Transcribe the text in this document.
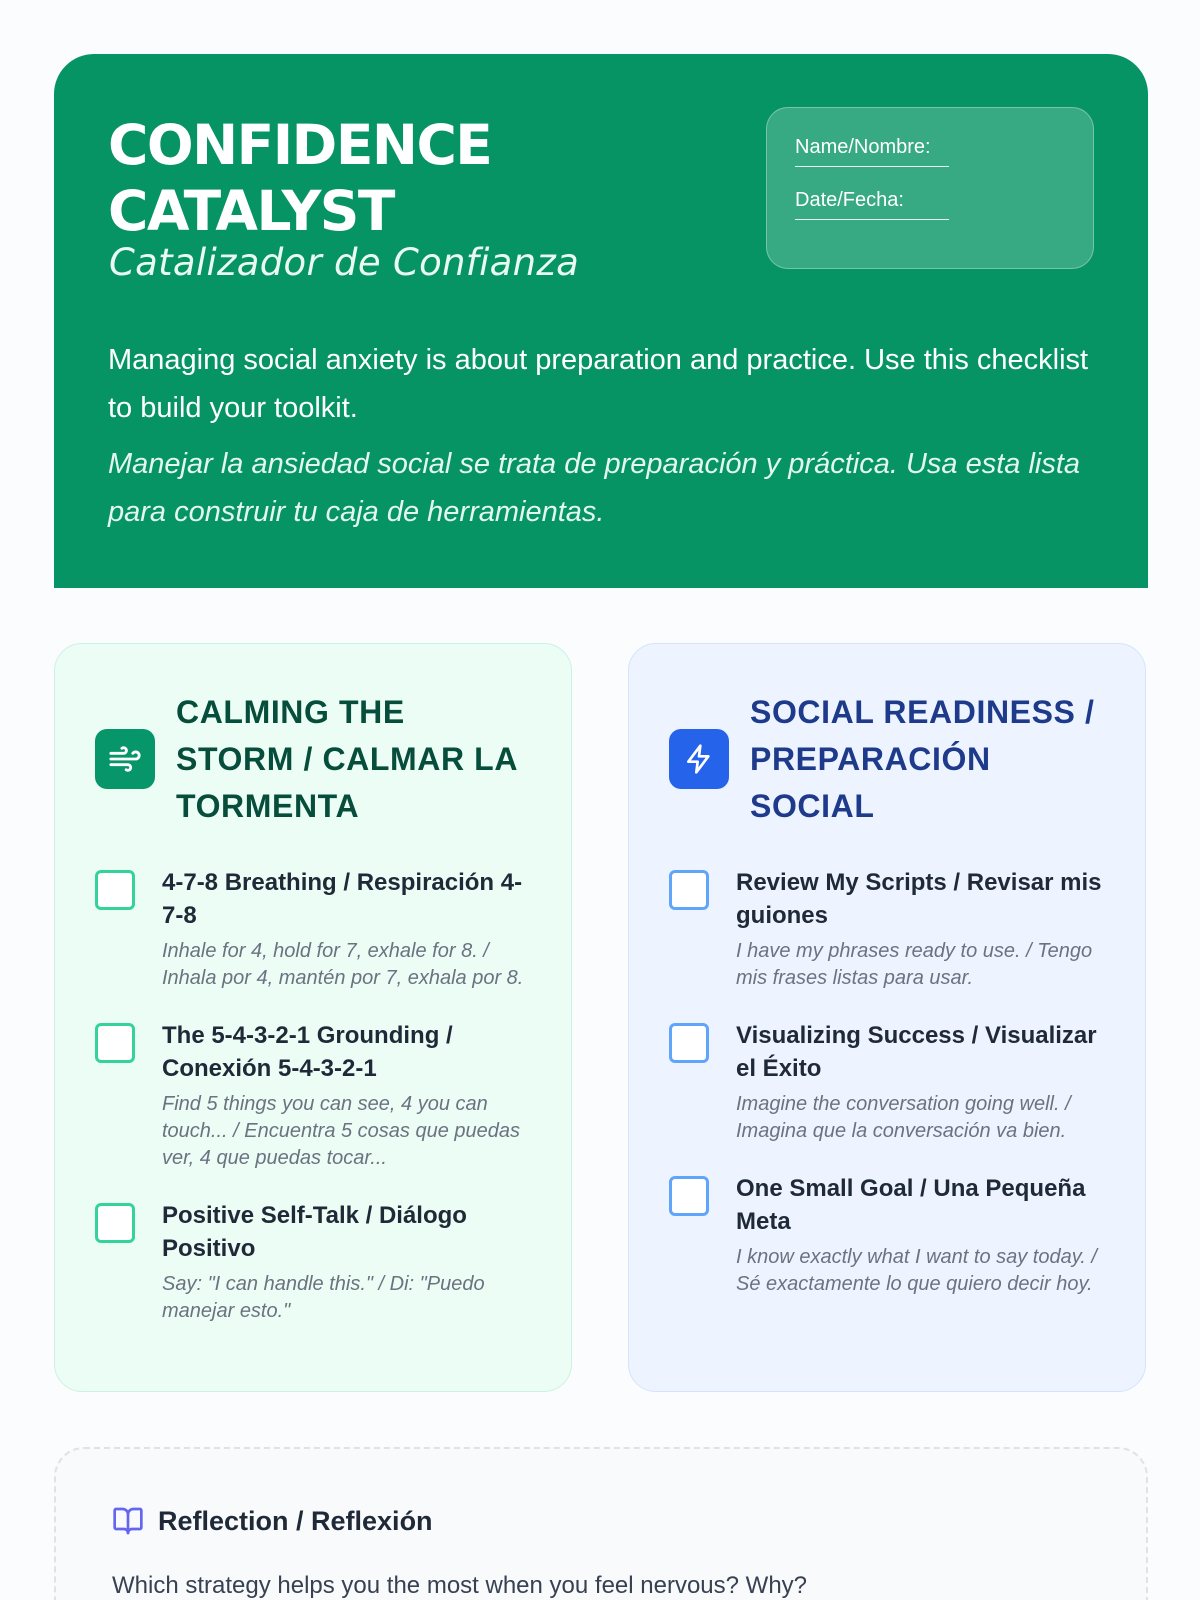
CONFIDENCE
CATALYST
Catalizador de Confianza
Name/Nombre:
Date/Fecha:

Managing social anxiety is about preparation and practice. Use this checklist to build your toolkit.

Manejar la ansiedad social se trata de preparación y práctica. Usa esta lista para construir tu caja de herramientas.

CALMING THE STORM / CALMAR LA TORMENTA
4-7-8 Breathing / Respiración 4-7-8
Inhale for 4, hold for 7, exhale for 8. / Inhala por 4, mantén por 7, exhala por 8.
The 5-4-3-2-1 Grounding / Conexión 5-4-3-2-1
Find 5 things you can see, 4 you can touch... / Encuentra 5 cosas que puedas ver, 4 que puedas tocar...
Positive Self-Talk / Diálogo Positivo
Say: "I can handle this." / Di: "Puedo manejar esto."
SOCIAL READINESS / PREPARACIÓN SOCIAL
Review My Scripts / Revisar mis guiones
I have my phrases ready to use. / Tengo mis frases listas para usar.
Visualizing Success / Visualizar el Éxito
Imagine the conversation going well. / Imagina que la conversación va bien.
One Small Goal / Una Pequeña Meta
I know exactly what I want to say today. / Sé exactamente lo que quiero decir hoy.
Reflection / Reflexión

Which strategy helps you the most when you feel nervous? Why?
